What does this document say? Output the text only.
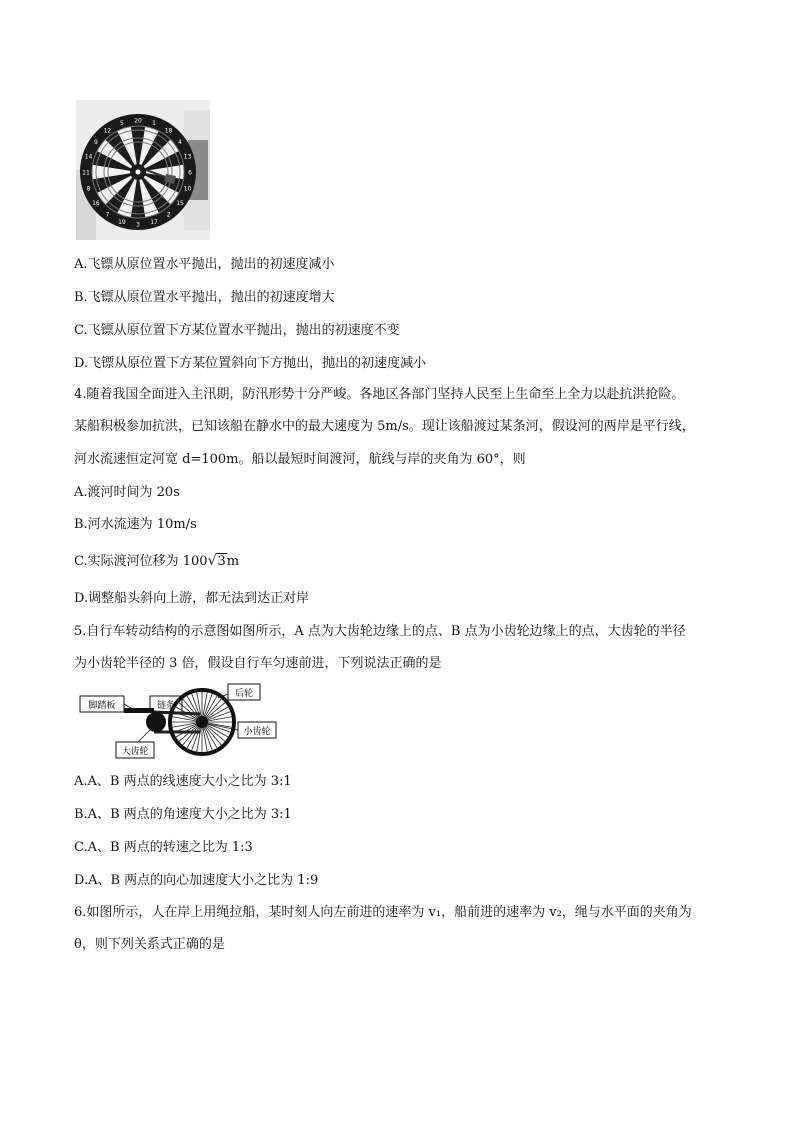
20 1
18
4
13
6
10
15
2
17
3
19
7
16
8
11
14
9
12
5
A.飞镖从原位置水平抛出，抛出的初速度减小
B.飞镖从原位置水平抛出，抛出的初速度增大
C.飞镖从原位置下方某位置水平抛出，抛出的初速度不变
D.飞镖从原位置下方某位置斜向下方抛出，抛出的初速度减小
4.随着我国全面进入主汛期，防汛形势十分严峻。各地区各部门坚持人民至上生命至上全力以赴抗洪抢险。
某船积极参加抗洪，已知该船在静水中的最大速度为 5m/s。现让该船渡过某条河，假设河的两岸是平行线，
河水流速恒定河宽 d=100m。船以最短时间渡河，航线与岸的夹角为 60°，则
A.渡河时间为 20s
B.河水流速为 10m/s
C.实际渡河位移为 100√3m
D.调整船头斜向上游，都无法到达正对岸
5.自行车转动结构的示意图如图所示，A 点为大齿轮边缘上的点、B 点为小齿轮边缘上的点，大齿轮的半径
为小齿轮半径的 3 倍，假设自行车匀速前进，下列说法正确的是
脚踏板	链条
后轮
小齿轮
大齿轮
A.A、B 两点的线速度大小之比为 3:1
B.A、B 两点的角速度大小之比为 3:1
C.A、B 两点的转速之比为 1:3
D.A、B 两点的向心加速度大小之比为 1:9
6.如图所示，人在岸上用绳拉船，某时刻人向左前进的速率为 v₁，船前进的速率为 v₂，绳与水平面的夹角为
θ，则下列关系式正确的是
